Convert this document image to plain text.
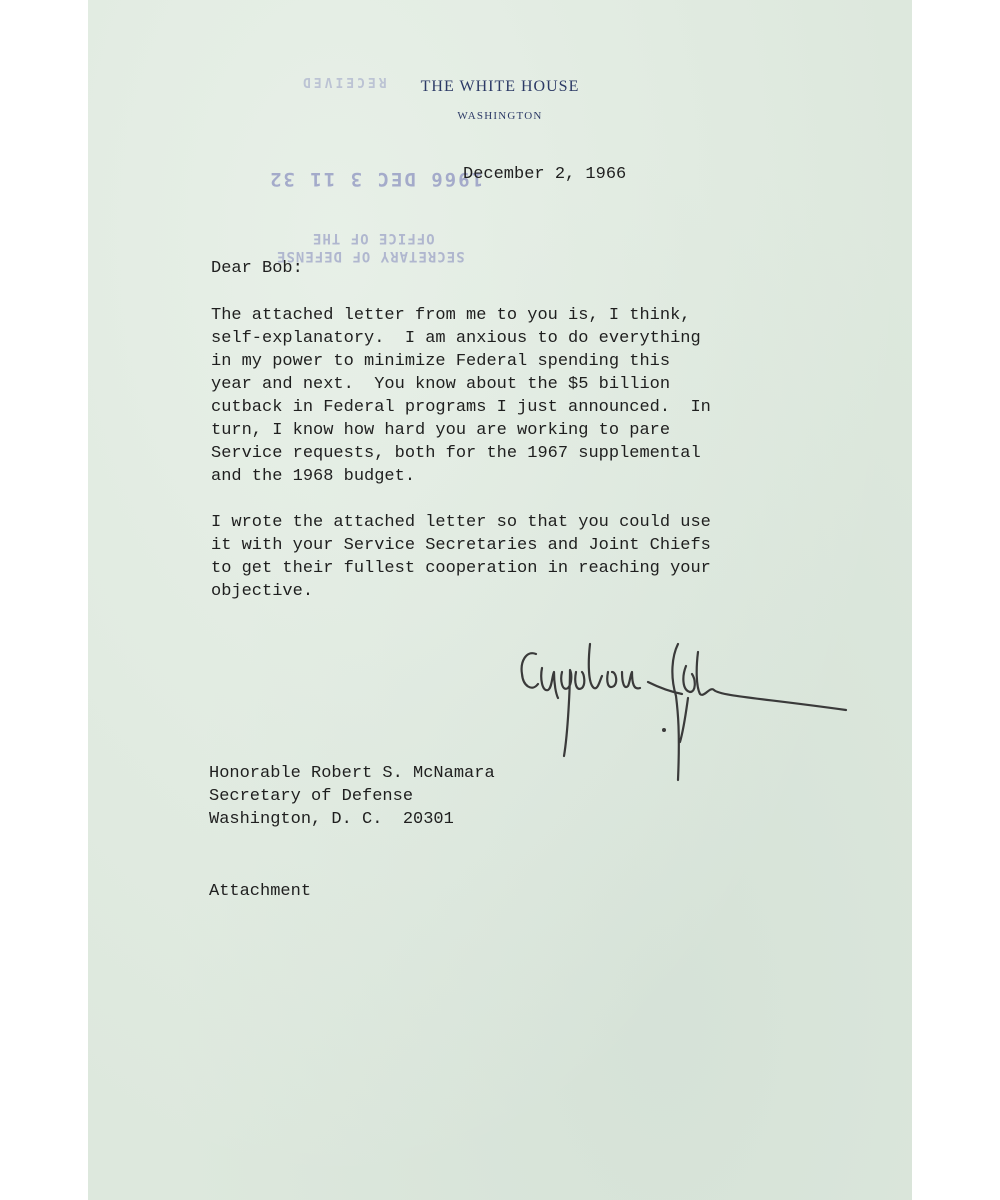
THE WHITE HOUSE
WASHINGTON
RECEIVED
1966 DEC 3 11 32
OFFICE OF THE
SECRETARY OF DEFENSE
December 2, 1966
Dear Bob:
The attached letter from me to you is, I think,
self-explanatory.  I am anxious to do everything
in my power to minimize Federal spending this
year and next.  You know about the $5 billion
cutback in Federal programs I just announced.  In
turn, I know how hard you are working to pare
Service requests, both for the 1967 supplemental
and the 1968 budget.
I wrote the attached letter so that you could use
it with your Service Secretaries and Joint Chiefs
to get their fullest cooperation in reaching your
objective.
Honorable Robert S. McNamara
Secretary of Defense
Washington, D. C.  20301
Attachment
